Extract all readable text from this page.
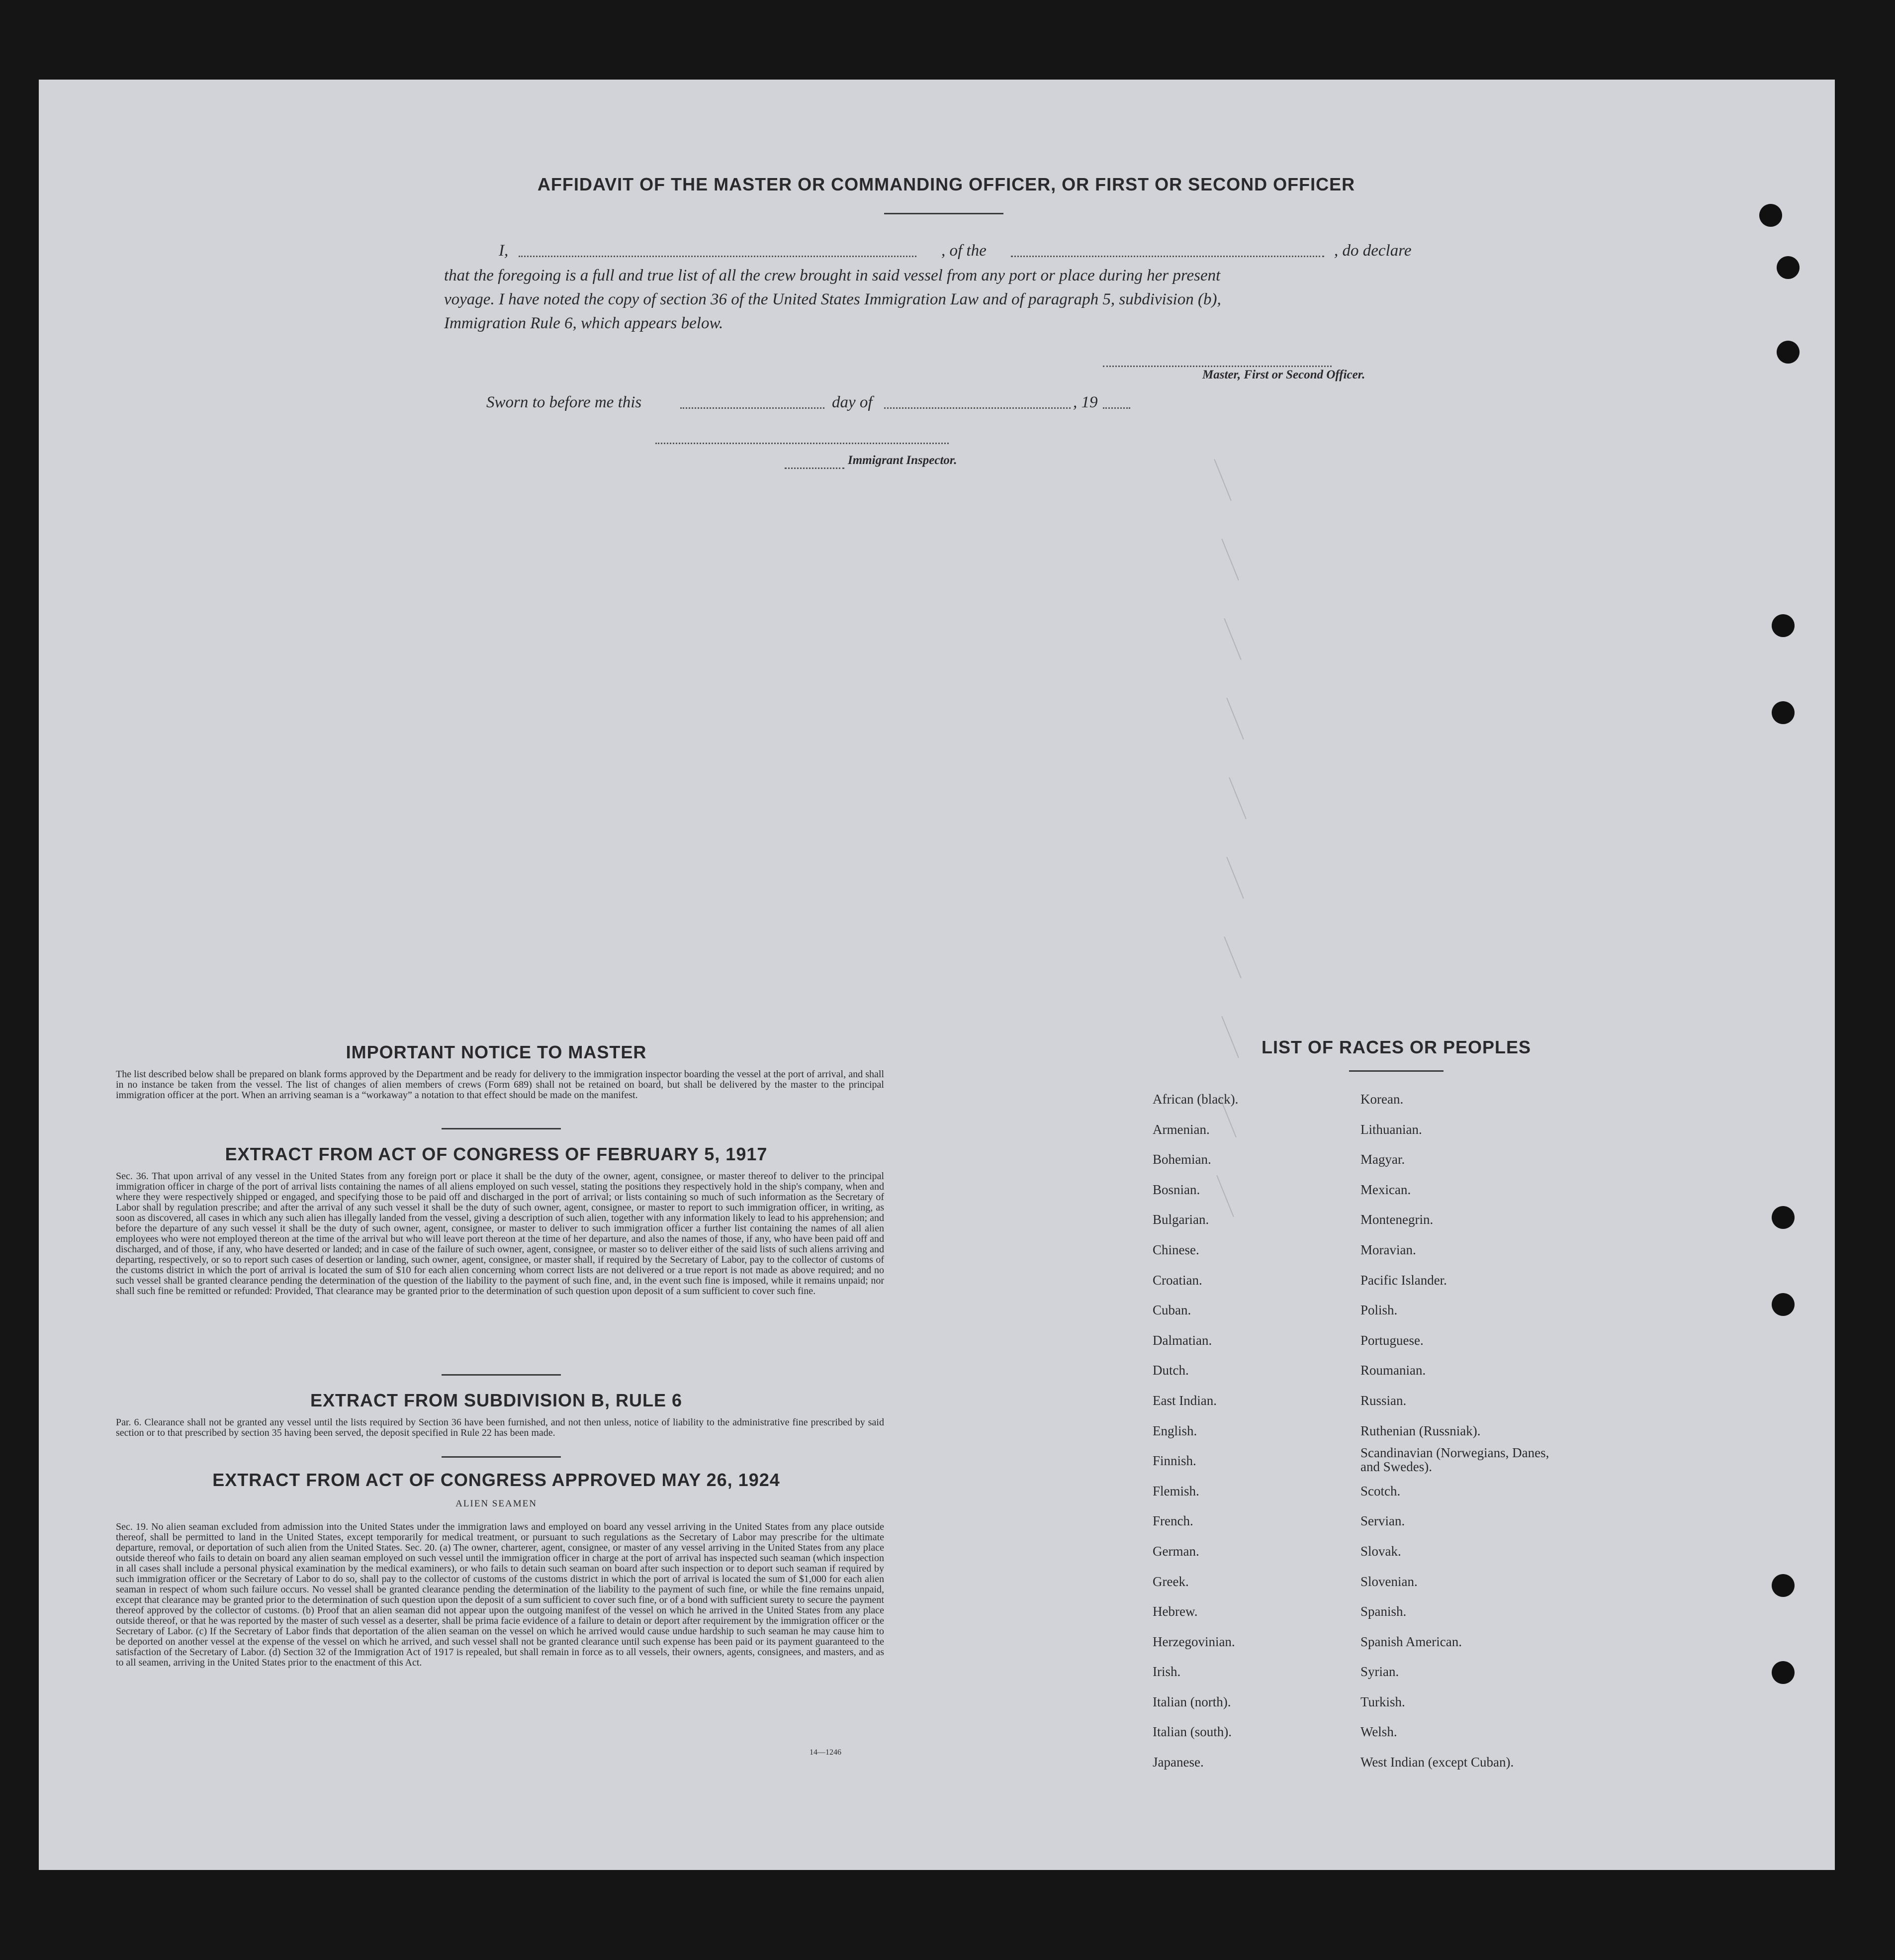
AFFIDAVIT OF THE MASTER OR COMMANDING OFFICER, OR FIRST OR SECOND OFFICER
I,	, of the	, do declare
that the foregoing is a full and true list of all the crew brought in said vessel from any port or place during her present
voyage. I have noted the copy of section 36 of the United States Immigration Law and of paragraph 5, subdivision (b),
Immigration Rule 6, which appears below.
Master, First or Second Officer.
Sworn to before me this	day of	, 19
Immigrant Inspector.
IMPORTANT NOTICE TO MASTER
The list described below shall be prepared on blank forms approved by the Department and be ready for delivery to the immigration inspector boarding the vessel at the port of arrival, and shall in no instance be taken from the vessel. The list of changes of alien members of crews (Form 689) shall not be retained on board, but shall be delivered by the master to the principal immigration officer at the port. When an arriving seaman is a “workaway” a notation to that effect should be made on the manifest.
EXTRACT FROM ACT OF CONGRESS OF FEBRUARY 5, 1917
Sec. 36. That upon arrival of any vessel in the United States from any foreign port or place it shall be the duty of the owner, agent, consignee, or master thereof to deliver to the principal immigration officer in charge of the port of arrival lists containing the names of all aliens employed on such vessel, stating the positions they respectively hold in the ship's company, when and where they were respectively shipped or engaged, and specifying those to be paid off and discharged in the port of arrival; or lists containing so much of such information as the Secretary of Labor shall by regulation prescribe; and after the arrival of any such vessel it shall be the duty of such owner, agent, consignee, or master to report to such immigration officer, in writing, as soon as discovered, all cases in which any such alien has illegally landed from the vessel, giving a description of such alien, together with any information likely to lead to his apprehension; and before the departure of any such vessel it shall be the duty of such owner, agent, consignee, or master to deliver to such immigration officer a further list containing the names of all alien employees who were not employed thereon at the time of the arrival but who will leave port thereon at the time of her departure, and also the names of those, if any, who have been paid off and discharged, and of those, if any, who have deserted or landed; and in case of the failure of such owner, agent, consignee, or master so to deliver either of the said lists of such aliens arriving and departing, respectively, or so to report such cases of desertion or landing, such owner, agent, consignee, or master shall, if required by the Secretary of Labor, pay to the collector of customs of the customs district in which the port of arrival is located the sum of $10 for each alien concerning whom correct lists are not delivered or a true report is not made as above required; and no such vessel shall be granted clearance pending the determination of the question of the liability to the payment of such fine, and, in the event such fine is imposed, while it remains unpaid; nor shall such fine be remitted or refunded: Provided, That clearance may be granted prior to the determination of such question upon deposit of a sum sufficient to cover such fine.
EXTRACT FROM SUBDIVISION B, RULE 6
Par. 6. Clearance shall not be granted any vessel until the lists required by Section 36 have been furnished, and not then unless, notice of liability to the administrative fine prescribed by said section or to that prescribed by section 35 having been served, the deposit specified in Rule 22 has been made.
EXTRACT FROM ACT OF CONGRESS APPROVED MAY 26, 1924
ALIEN SEAMEN
Sec. 19. No alien seaman excluded from admission into the United States under the immigration laws and employed on board any vessel arriving in the United States from any place outside thereof, shall be permitted to land in the United States, except temporarily for medical treatment, or pursuant to such regulations as the Secretary of Labor may prescribe for the ultimate departure, removal, or deportation of such alien from the United States. Sec. 20. (a) The owner, charterer, agent, consignee, or master of any vessel arriving in the United States from any place outside thereof who fails to detain on board any alien seaman employed on such vessel until the immigration officer in charge at the port of arrival has inspected such seaman (which inspection in all cases shall include a personal physical examination by the medical examiners), or who fails to detain such seaman on board after such inspection or to deport such seaman if required by such immigration officer or the Secretary of Labor to do so, shall pay to the collector of customs of the customs district in which the port of arrival is located the sum of $1,000 for each alien seaman in respect of whom such failure occurs. No vessel shall be granted clearance pending the determination of the liability to the payment of such fine, or while the fine remains unpaid, except that clearance may be granted prior to the determination of such question upon the deposit of a sum sufficient to cover such fine, or of a bond with sufficient surety to secure the payment thereof approved by the collector of customs. (b) Proof that an alien seaman did not appear upon the outgoing manifest of the vessel on which he arrived in the United States from any place outside thereof, or that he was reported by the master of such vessel as a deserter, shall be prima facie evidence of a failure to detain or deport after requirement by the immigration officer or the Secretary of Labor. (c) If the Secretary of Labor finds that deportation of the alien seaman on the vessel on which he arrived would cause undue hardship to such seaman he may cause him to be deported on another vessel at the expense of the vessel on which he arrived, and such vessel shall not be granted clearance until such expense has been paid or its payment guaranteed to the satisfaction of the Secretary of Labor. (d) Section 32 of the Immigration Act of 1917 is repealed, but shall remain in force as to all vessels, their owners, agents, consignees, and masters, and as to all seamen, arriving in the United States prior to the enactment of this Act.
14—1246
LIST OF RACES OR PEOPLES
African (black).
Armenian.
Bohemian.
Bosnian.
Bulgarian.
Chinese.
Croatian.
Cuban.
Dalmatian.
Dutch.
East Indian.
English.
Finnish.
Flemish.
French.
German.
Greek.
Hebrew.
Herzegovinian.
Irish.
Italian (north).
Italian (south).
Japanese.
Korean.
Lithuanian.
Magyar.
Mexican.
Montenegrin.
Moravian.
Pacific Islander.
Polish.
Portuguese.
Roumanian.
Russian.
Ruthenian (Russniak).
Scandinavian (Norwegians, Danes, and Swedes).
Scotch.
Servian.
Slovak.
Slovenian.
Spanish.
Spanish American.
Syrian.
Turkish.
Welsh.
West Indian (except Cuban).
